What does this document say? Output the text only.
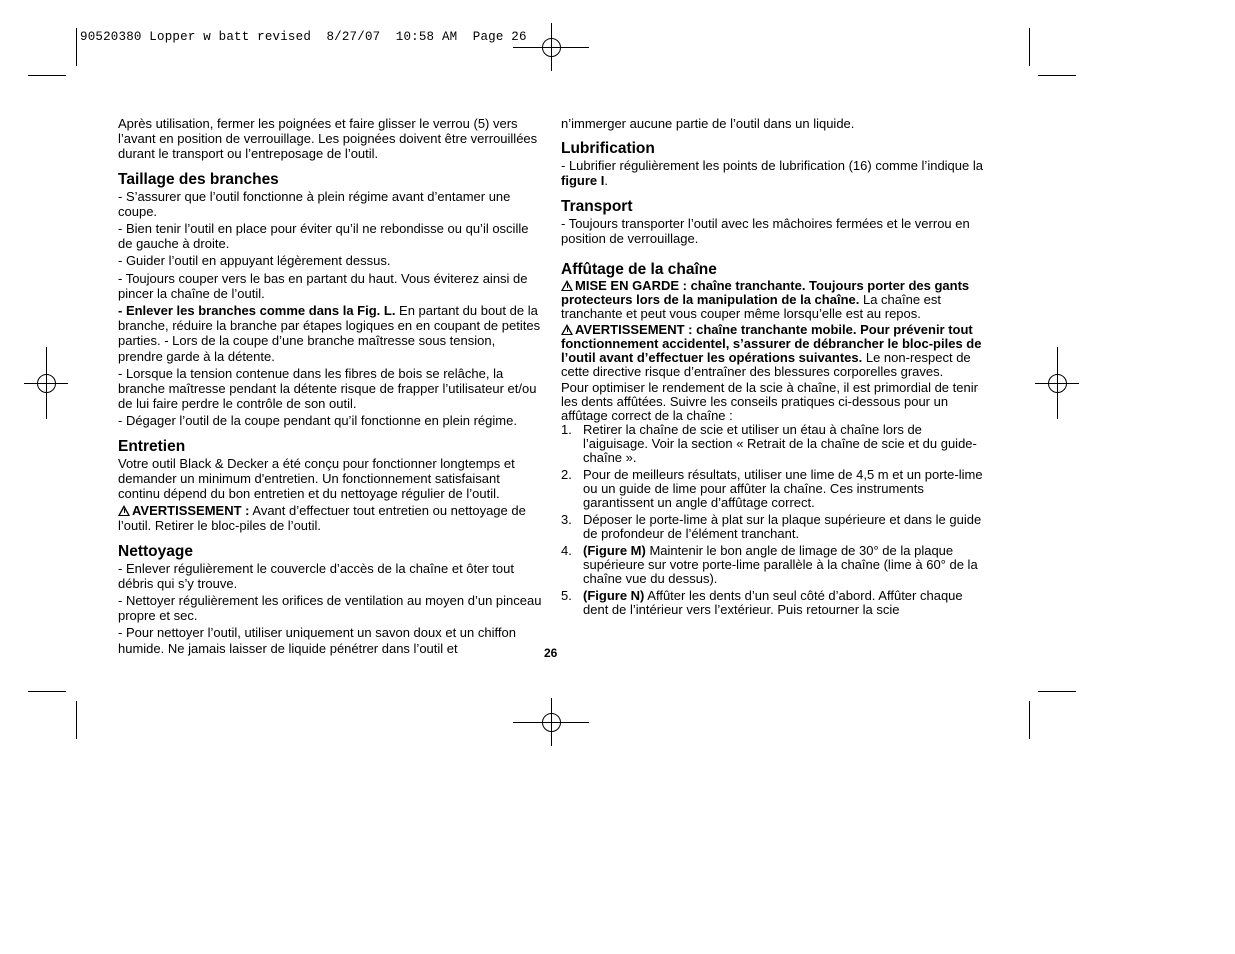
90520380 Lopper w batt revised  8/27/07  10:58 AM  Page 26

Après utilisation, fermer les poignées et faire glisser le verrou (5) vers l’avant en position de verrouillage. Les poignées doivent être verrouillées durant le transport ou l’entreposage de l’outil.

Taillage des branches

- S’assurer que l’outil fonctionne à plein régime avant d’entamer une coupe.

- Bien tenir l’outil en place pour éviter qu’il ne rebondisse ou qu’il oscille de gauche à droite.

- Guider l’outil en appuyant légèrement dessus.

- Toujours couper vers le bas en partant du haut. Vous éviterez ainsi de pincer la chaîne de l’outil.

- Enlever les branches comme dans la Fig. L. En partant du bout de la branche, réduire la branche par étapes logiques en en coupant de petites parties. - Lors de la coupe d’une branche maîtresse sous tension, prendre garde à la détente.

- Lorsque la tension contenue dans les fibres de bois se relâche, la branche maîtresse pendant la détente risque de frapper l’utilisateur et/ou de lui faire perdre le contrôle de son outil.

- Dégager l’outil de la coupe pendant qu’il fonctionne en plein régime.

Entretien

Votre outil Black & Decker a été conçu pour fonctionner longtemps et demander un minimum d'entretien. Un fonctionnement satisfaisant continu dépend du bon entretien et du nettoyage régulier de l’outil.

AVERTISSEMENT : Avant d’effectuer tout entretien ou nettoyage de l’outil. Retirer le bloc-piles de l’outil.

Nettoyage

- Enlever régulièrement le couvercle d’accès de la chaîne et ôter tout débris qui s’y trouve.

- Nettoyer régulièrement les orifices de ventilation au moyen d’un pinceau propre et sec.

- Pour nettoyer l’outil, utiliser uniquement un savon doux et un chiffon humide. Ne jamais laisser de liquide pénétrer dans l’outil et

n’immerger aucune partie de l’outil dans un liquide.

Lubrification

- Lubrifier régulièrement les points de lubrification (16) comme l’indique la figure I.

Transport

- Toujours transporter l’outil avec les mâchoires fermées et le verrou en position de verrouillage.

Affûtage de la chaîne

MISE EN GARDE : chaîne tranchante. Toujours porter des gants protecteurs lors de la manipulation de la chaîne. La chaîne est tranchante et peut vous couper même lorsqu’elle est au repos.

AVERTISSEMENT : chaîne tranchante mobile. Pour prévenir tout fonctionnement accidentel, s’assurer de débrancher le bloc-piles de l’outil avant d’effectuer les opérations suivantes. Le non-respect de cette directive risque d’entraîner des blessures corporelles graves.

Pour optimiser le rendement de la scie à chaîne, il est primordial de tenir les dents affûtées. Suivre les conseils pratiques ci-dessous pour un affûtage correct de la chaîne :

1. Retirer la chaîne de scie et utiliser un étau à chaîne lors de l’aiguisage. Voir la section « Retrait de la chaîne de scie et du guide-chaîne ».
2. Pour de meilleurs résultats, utiliser une lime de 4,5 m et un porte-lime ou un guide de lime pour affûter la chaîne. Ces instruments garantissent un angle d’affûtage correct.
3. Déposer le porte-lime à plat sur la plaque supérieure et dans le guide de profondeur de l’élément tranchant.
4. (Figure M) Maintenir le bon angle de limage de 30° de la plaque supérieure sur votre porte-lime parallèle à la chaîne (lime à 60° de la chaîne vue du dessus).
5. (Figure N) Affûter les dents d’un seul côté d’abord. Affûter chaque dent de l’intérieur vers l’extérieur. Puis retourner la scie
26
